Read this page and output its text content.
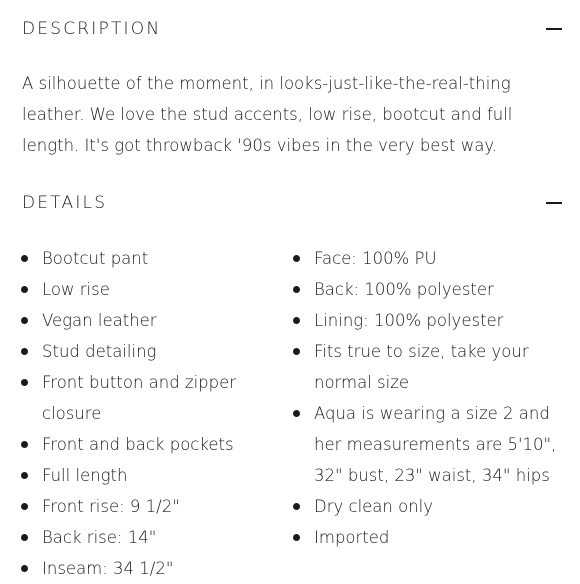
DESCRIPTION

A silhouette of the moment, in looks-just-like-the-real-thing leather. We love the stud accents, low rise, bootcut and full length. It's got throwback '90s vibes in the very best way.

DETAILS
Bootcut pant
Low rise
Vegan leather
Stud detailing
Front button and zipper closure
Front and back pockets
Full length
Front rise: 9 1/2"
Back rise: 14"
Inseam: 34 1/2"
Face: 100% PU
Back: 100% polyester
Lining: 100% polyester
Fits true to size, take your normal size
Aqua is wearing a size 2 and her measurements are 5'10", 32" bust, 23" waist, 34" hips
Dry clean only
Imported
